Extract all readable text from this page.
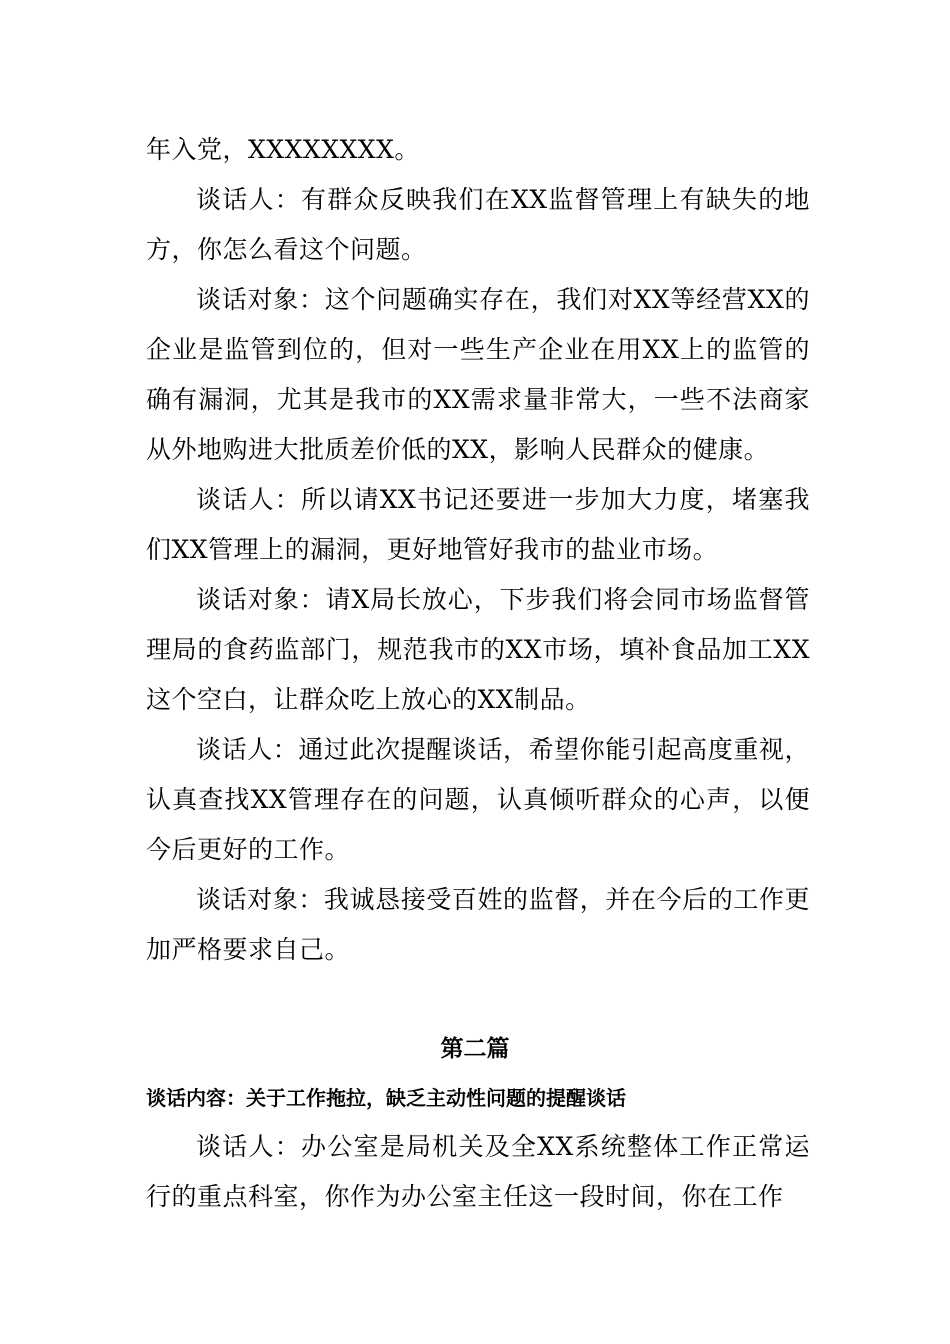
年入党，XXXXXXXX。
谈话人：有群众反映我们在XX监督管理上有缺失的地方，你怎么看这个问题。
谈话对象：这个问题确实存在，我们对XX等经营XX的企业是监管到位的，但对一些生产企业在用XX上的监管的确有漏洞，尤其是我市的XX需求量非常大，一些不法商家从外地购进大批质差价低的XX，影响人民群众的健康。
谈话人：所以请XX书记还要进一步加大力度，堵塞我们XX管理上的漏洞，更好地管好我市的盐业市场。
谈话对象：请X局长放心，下步我们将会同市场监督管理局的食药监部门，规范我市的XX市场，填补食品加工XX这个空白，让群众吃上放心的XX制品。
谈话人：通过此次提醒谈话，希望你能引起高度重视，认真查找XX管理存在的问题，认真倾听群众的心声，以便今后更好的工作。
谈话对象：我诚恳接受百姓的监督，并在今后的工作更加严格要求自己。
第二篇
谈话内容：关于工作拖拉，缺乏主动性问题的提醒谈话
谈话人：办公室是局机关及全XX系统整体工作正常运行的重点科室，你作为办公室主任这一段时间，你在工作
